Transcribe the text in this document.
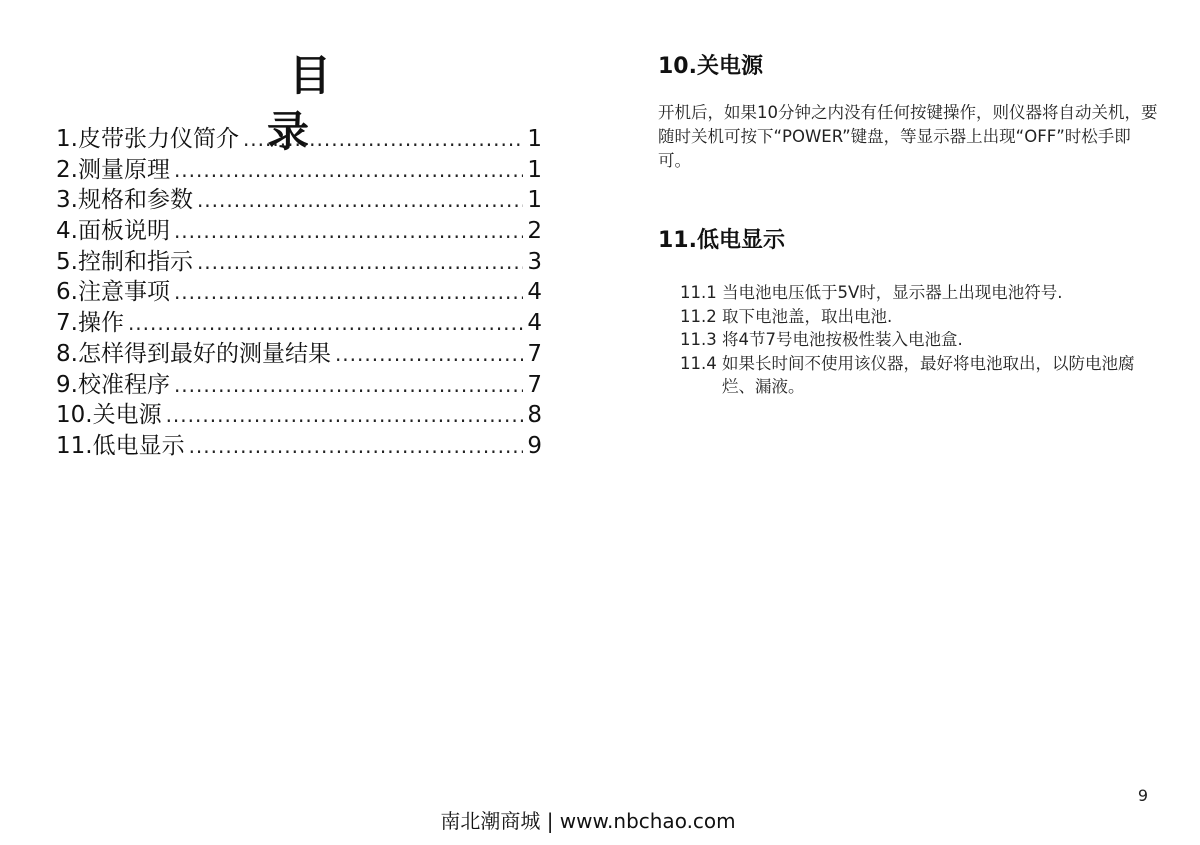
目 录
1.皮带张力仪简介 .....	1
2.测量原理 .....	1
3.规格和参数 .....	1
4.面板说明 .....	2
5.控制和指示 .....	3
6.注意事项 .....	4
7.操作 .....	4
8.怎样得到最好的测量结果 .....	7
9.校准程序 .....	7
10.关电源 .....	8
11.低电显示 .....	9
10.关电源

开机后，如果10分钟之内没有任何按键操作，则仪器将自动关机，要随时关机可按下“POWER”键盘，等显示器上出现“OFF”时松手即可。

11.低电显示
11.1 当电池电压低于5V时，显示器上出现电池符号.
11.2 取下电池盖，取出电池.
11.3 将4节7号电池按极性装入电池盒.
11.4 如果长时间不使用该仪器，最好将电池取出，以防电池腐烂、漏液。
9
南北潮商城 | www.nbchao.com
